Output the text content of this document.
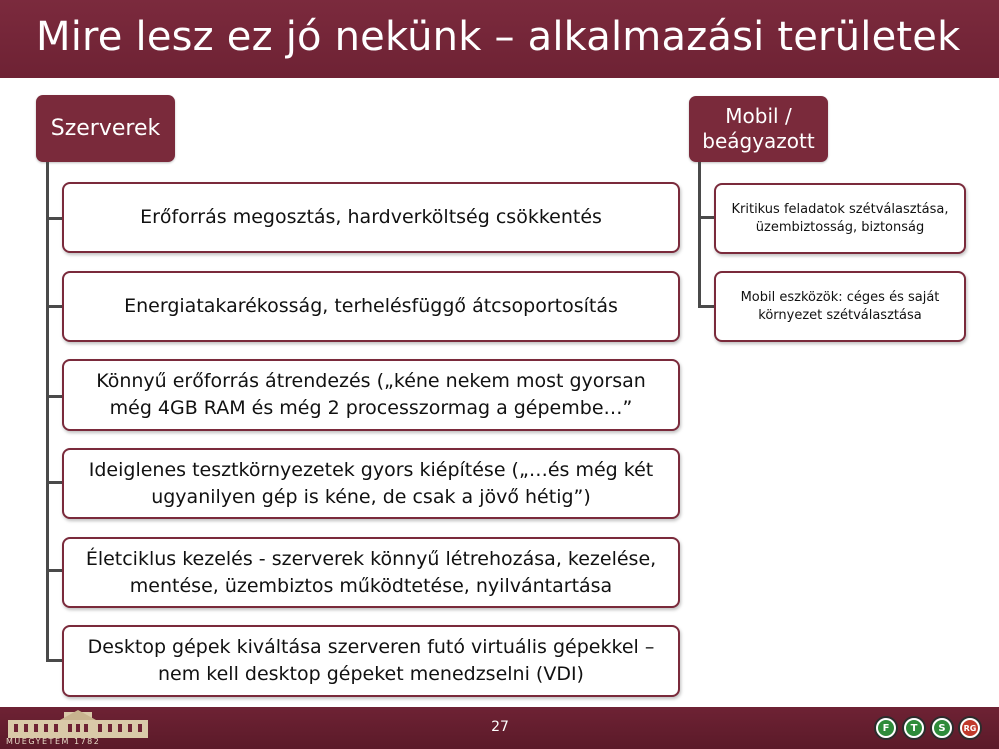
Mire lesz ez jó nekünk – alkalmazási területek
Szerverek
Erőforrás megosztás, hardverköltség csökkentés
Energiatakarékosság, terhelésfüggő átcsoportosítás
Könnyű erőforrás átrendezés („kéne nekem most gyorsan még 4GB RAM és még 2 processzormag a gépembe…”
Ideiglenes tesztkörnyezetek gyors kiépítése („…és még két ugyanilyen gép is kéne, de csak a jövő hétig”)
Életciklus kezelés - szerverek könnyű létrehozása, kezelése, mentése, üzembiztos működtetése, nyilvántartása
Desktop gépek kiváltása szerveren futó virtuális gépekkel – nem kell desktop gépeket menedzselni (VDI)
Mobil / beágyazott
Kritikus feladatok szétválasztása, üzembiztosság, biztonság
Mobil eszközök: céges és saját környezet szétválasztása
MŰEGYETEM 1782
27	F	T	S	RG
